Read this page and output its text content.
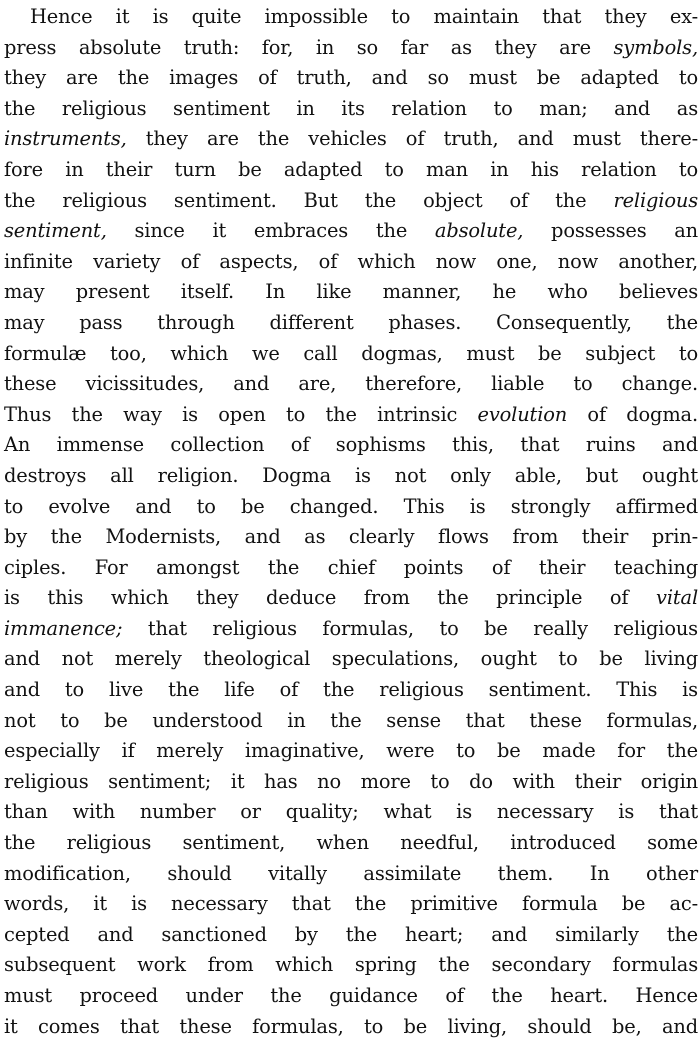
Hence it is quite impossible to maintain that they ex-
press absolute truth: for, in so far as they are symbols,
they are the images of truth, and so must be adapted to
the religious sentiment in its relation to man; and as
instruments, they are the vehicles of truth, and must there-
fore in their turn be adapted to man in his relation to
the religious sentiment. But the object of the religious
sentiment, since it embraces the absolute, possesses an
infinite variety of aspects, of which now one, now another,
may present itself. In like manner, he who believes
may pass through different phases. Consequently, the
formulæ too, which we call dogmas, must be subject to
these vicissitudes, and are, therefore, liable to change.
Thus the way is open to the intrinsic evolution of dogma.
An immense collection of sophisms this, that ruins and
destroys all religion. Dogma is not only able, but ought
to evolve and to be changed. This is strongly affirmed
by the Modernists, and as clearly flows from their prin-
ciples. For amongst the chief points of their teaching
is this which they deduce from the principle of vital
immanence; that religious formulas, to be really religious
and not merely theological speculations, ought to be living
and to live the life of the religious sentiment. This is
not to be understood in the sense that these formulas,
especially if merely imaginative, were to be made for the
religious sentiment; it has no more to do with their origin
than with number or quality; what is necessary is that
the religious sentiment, when needful, introduced some
modification, should vitally assimilate them. In other
words, it is necessary that the primitive formula be ac-
cepted and sanctioned by the heart; and similarly the
subsequent work from which spring the secondary formulas
must proceed under the guidance of the heart. Hence
it comes that these formulas, to be living, should be, and
